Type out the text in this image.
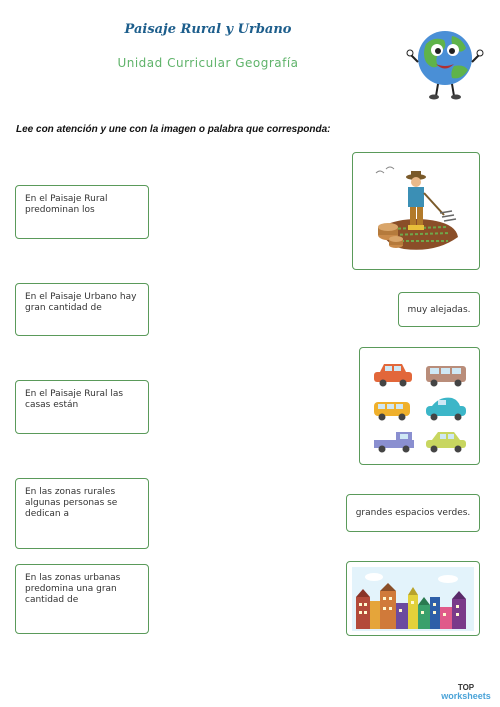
Paisaje Rural y Urbano
Unidad Curricular Geografía
Lee con atención y une con la imagen o palabra que corresponda:
En el Paisaje Rural predominan los
En el Paisaje Urbano hay gran cantidad de
En el Paisaje Rural las casas están
En las zonas rurales algunas personas se dedican a
En las zonas urbanas predomina una gran cantidad de
muy alejadas.
grandes espacios verdes.
TOP
worksheets
